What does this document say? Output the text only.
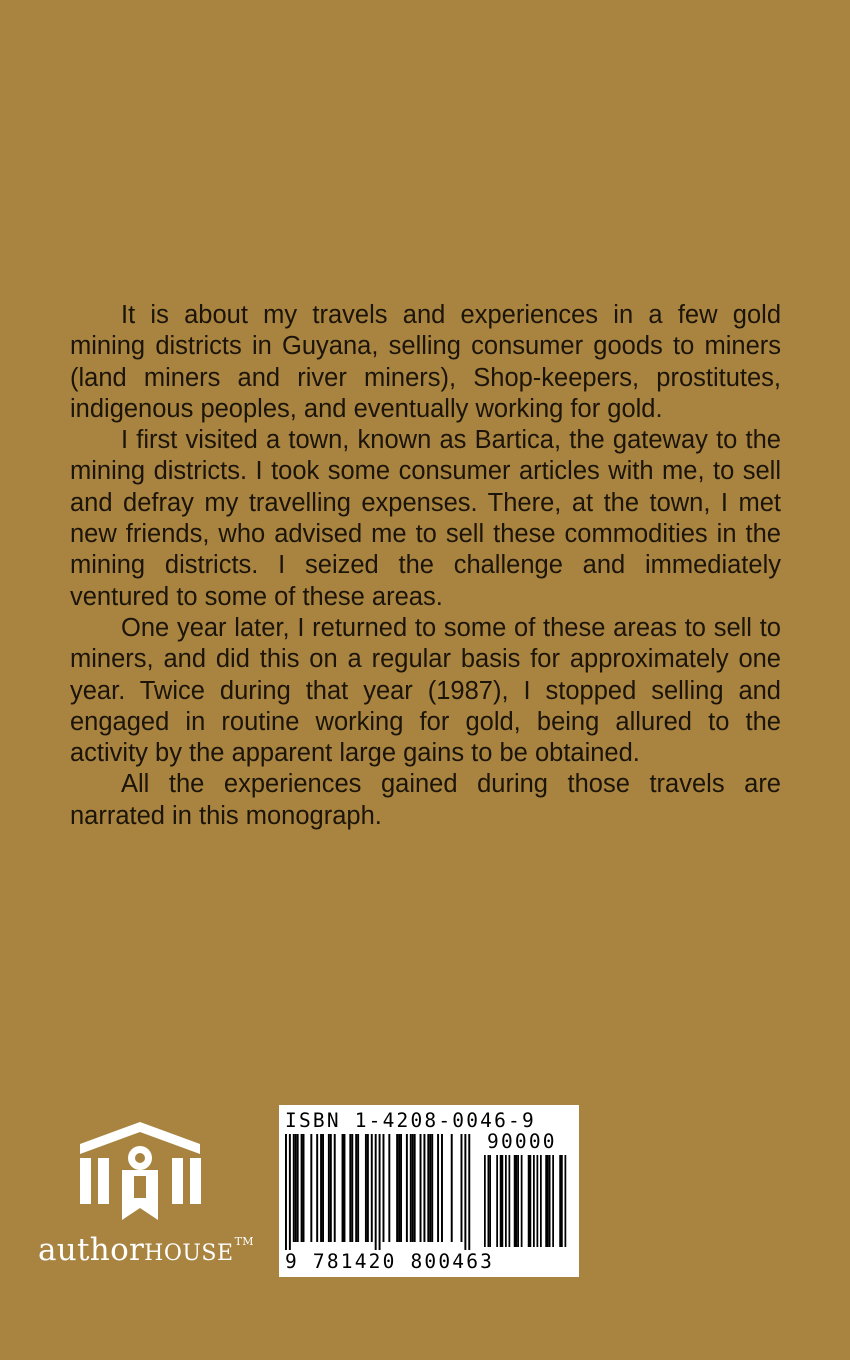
It is about my travels and experiences in a few gold mining districts in Guyana, selling consumer goods to miners (land miners and river miners), Shop-keepers, prostitutes, indigenous peoples, and eventually working for gold.

I first visited a town, known as Bartica, the gateway to the mining districts. I took some consumer articles with me, to sell and defray my travelling expenses. There, at the town, I met new friends, who advised me to sell these commodities in the mining districts. I seized the challenge and immediately ventured to some of these areas.

One year later, I returned to some of these areas to sell to miners, and did this on a regular basis for approximately one year. Twice during that year (1987), I stopped selling and engaged in routine working for gold, being allured to the activity by the apparent large gains to be obtained.

All the experiences gained during those travels are narrated in this monograph.

authorHOUSE™
ISBN 1-4208-0046-9
90000
9 781420 800463
